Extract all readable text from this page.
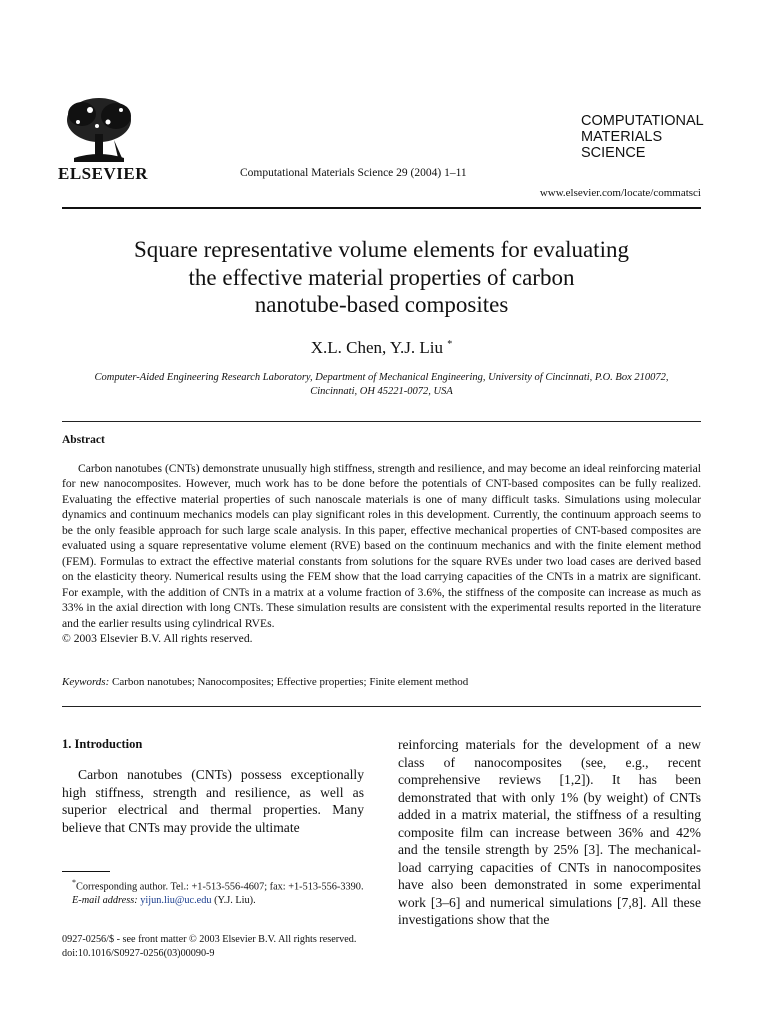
ELSEVIER	Computational Materials Science 29 (2004) 1–11
COMPUTATIONAL
MATERIALS
SCIENCE
www.elsevier.com/locate/commatsci
Square representative volume elements for evaluating
the effective material properties of carbon
nanotube-based composites
X.L. Chen, Y.J. Liu *
Computer-Aided Engineering Research Laboratory, Department of Mechanical Engineering, University of Cincinnati, P.O. Box 210072,
Cincinnati, OH 45221-0072, USA
Abstract

Carbon nanotubes (CNTs) demonstrate unusually high stiffness, strength and resilience, and may become an ideal reinforcing material for new nanocomposites. However, much work has to be done before the potentials of CNT-based composites can be fully realized. Evaluating the effective material properties of such nanoscale materials is one of many difficult tasks. Simulations using molecular dynamics and continuum mechanics models can play significant roles in this development. Currently, the continuum approach seems to be the only feasible approach for such large scale analysis. In this paper, effective mechanical properties of CNT-based composites are evaluated using a square representative volume element (RVE) based on the continuum mechanics and with the finite element method (FEM). Formulas to extract the effective material constants from solutions for the square RVEs under two load cases are derived based on the elasticity theory. Numerical results using the FEM show that the load carrying capacities of the CNTs in a matrix are significant. For example, with the addition of CNTs in a matrix at a volume fraction of 3.6%, the stiffness of the composite can increase as much as 33% in the axial direction with long CNTs. These simulation results are consistent with the experimental results reported in the literature and the earlier results using cylindrical RVEs.

© 2003 Elsevier B.V. All rights reserved.

Keywords: Carbon nanotubes; Nanocomposites; Effective properties; Finite element method
1. Introduction

Carbon nanotubes (CNTs) possess exceptionally high stiffness, strength and resilience, as well as superior electrical and thermal properties. Many believe that CNTs may provide the ultimate

reinforcing materials for the development of a new class of nanocomposites (see, e.g., recent comprehensive reviews [1,2]). It has been demonstrated that with only 1% (by weight) of CNTs added in a matrix material, the stiffness of a resulting composite film can increase between 36% and 42% and the tensile strength by 25% [3]. The mechanical-load carrying capacities of CNTs in nanocomposites have also been demonstrated in some experimental work [3–6] and numerical simulations [7,8]. All these investigations show that the

*Corresponding author. Tel.: +1-513-556-4607; fax: +1-513-556-3390.

E-mail address: yijun.liu@uc.edu (Y.J. Liu).

0927-0256/$ - see front matter © 2003 Elsevier B.V. All rights reserved.
doi:10.1016/S0927-0256(03)00090-9
